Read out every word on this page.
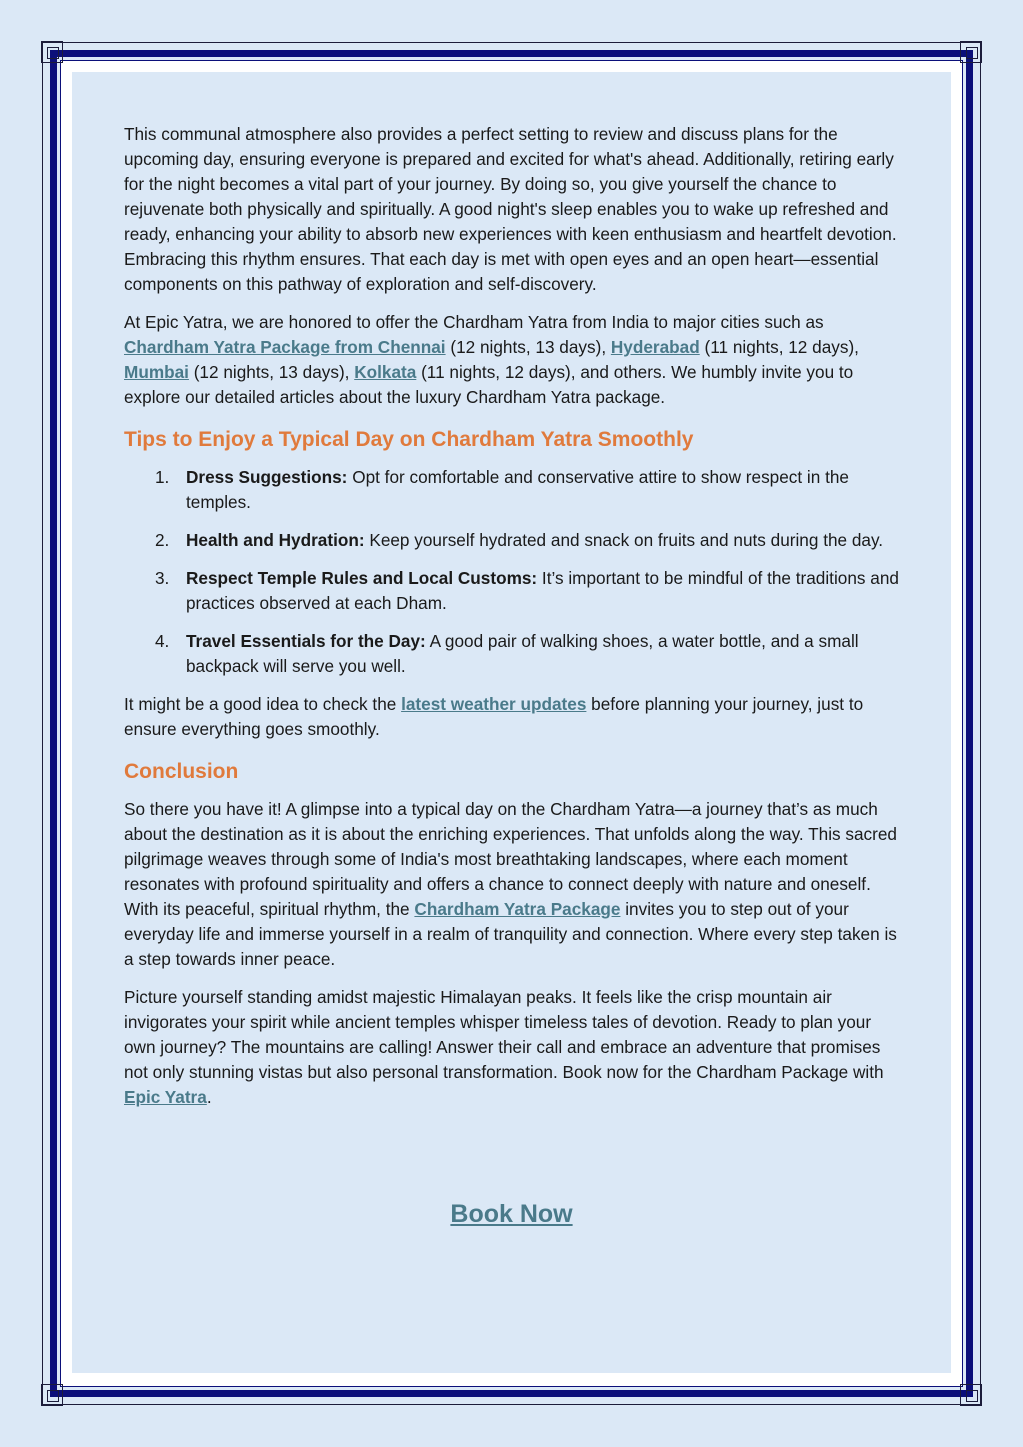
This communal atmosphere also provides a perfect setting to review and discuss plans for the upcoming day, ensuring everyone is prepared and excited for what's ahead. Additionally, retiring early for the night becomes a vital part of your journey. By doing so, you give yourself the chance to rejuvenate both physically and spiritually. A good night's sleep enables you to wake up refreshed and ready, enhancing your ability to absorb new experiences with keen enthusiasm and heartfelt devotion. Embracing this rhythm ensures. That each day is met with open eyes and an open heart—essential components on this pathway of exploration and self-discovery.

At Epic Yatra, we are honored to offer the Chardham Yatra from India to major cities such as Chardham Yatra Package from Chennai (12 nights, 13 days), Hyderabad (11 nights, 12 days), Mumbai (12 nights, 13 days), Kolkata (11 nights, 12 days), and others. We humbly invite you to explore our detailed articles about the luxury Chardham Yatra package.

Tips to Enjoy a Typical Day on Chardham Yatra Smoothly
1. Dress Suggestions: Opt for comfortable and conservative attire to show respect in the temples.
2. Health and Hydration: Keep yourself hydrated and snack on fruits and nuts during the day.
3. Respect Temple Rules and Local Customs: It’s important to be mindful of the traditions and practices observed at each Dham.
4. Travel Essentials for the Day: A good pair of walking shoes, a water bottle, and a small backpack will serve you well.

It might be a good idea to check the latest weather updates before planning your journey, just to ensure everything goes smoothly.

Conclusion

So there you have it! A glimpse into a typical day on the Chardham Yatra—a journey that’s as much about the destination as it is about the enriching experiences. That unfolds along the way. This sacred pilgrimage weaves through some of India's most breathtaking landscapes, where each moment resonates with profound spirituality and offers a chance to connect deeply with nature and oneself. With its peaceful, spiritual rhythm, the Chardham Yatra Package invites you to step out of your everyday life and immerse yourself in a realm of tranquility and connection. Where every step taken is a step towards inner peace.

Picture yourself standing amidst majestic Himalayan peaks. It feels like the crisp mountain air invigorates your spirit while ancient temples whisper timeless tales of devotion. Ready to plan your own journey? The mountains are calling! Answer their call and embrace an adventure that promises not only stunning vistas but also personal transformation. Book now for the Chardham Package with Epic Yatra.

Book Now
